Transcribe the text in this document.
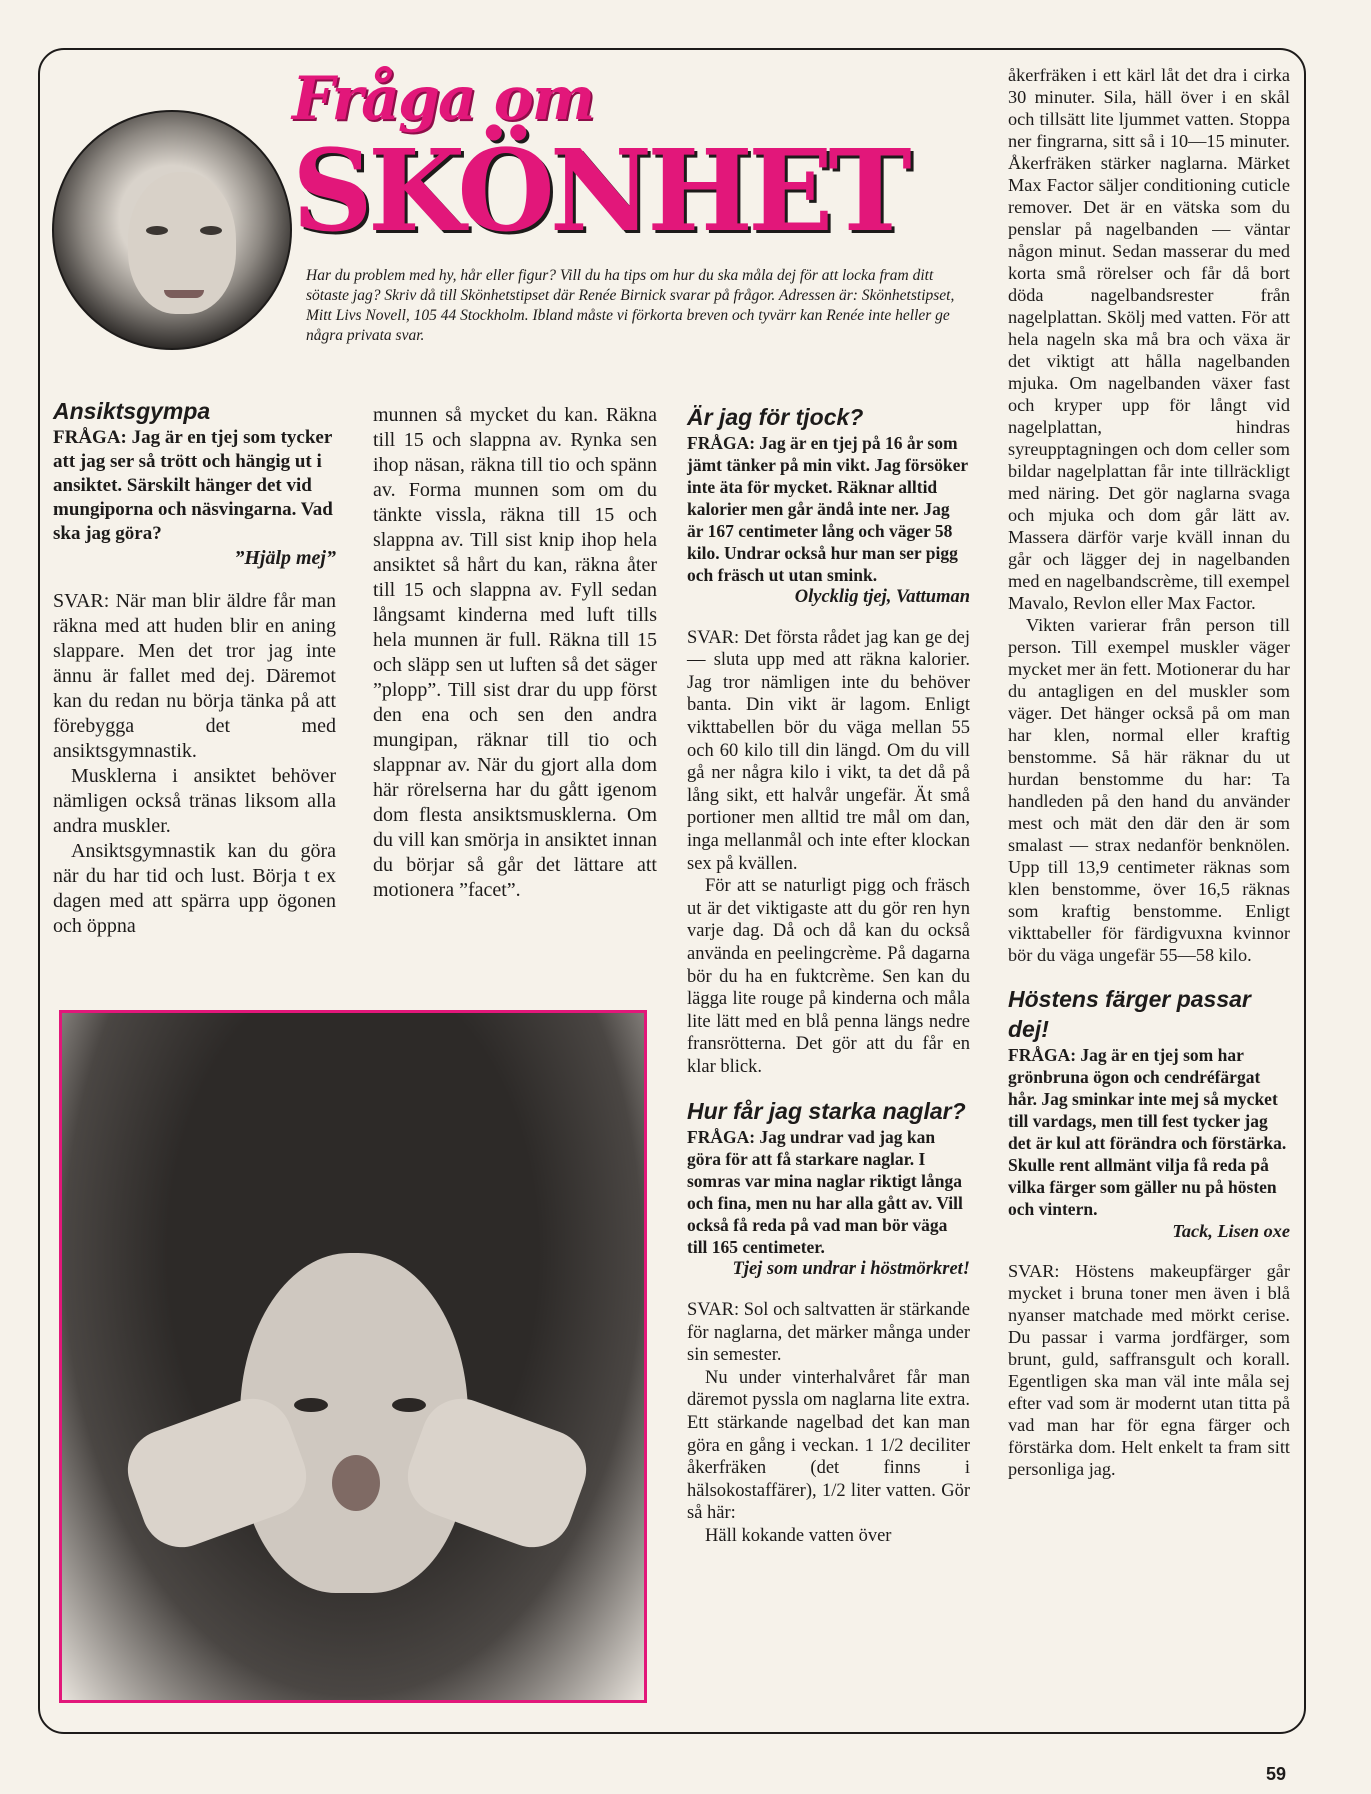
Fråga om
SKÖNHET
Har du problem med hy, hår eller figur? Vill du ha tips om hur du ska måla dej för att locka fram ditt sötaste jag? Skriv då till Skönhetstipset där Renée Birnick svarar på frågor. Adressen är: Skönhetstipset, Mitt Livs Novell, 105 44 Stockholm. Ibland måste vi förkorta breven och tyvärr kan Renée inte heller ge några privata svar.
Ansiktsgympa

FRÅGA: Jag är en tjej som tycker att jag ser så trött och hängig ut i ansiktet. Särskilt hänger det vid mungiporna och näsvingarna. Vad ska jag göra?

”Hjälp mej”

SVAR: När man blir äldre får man räkna med att huden blir en aning slappare. Men det tror jag inte ännu är fallet med dej. Däremot kan du redan nu börja tänka på att förebygga det med ansiktsgymnastik.

Musklerna i ansiktet behöver nämligen också tränas liksom alla andra muskler.

Ansiktsgymnastik kan du göra när du har tid och lust. Börja t ex dagen med att spärra upp ögonen och öppna

munnen så mycket du kan. Räkna till 15 och slappna av. Rynka sen ihop näsan, räkna till tio och spänn av. Forma munnen som om du tänkte vissla, räkna till 15 och slappna av. Till sist knip ihop hela ansiktet så hårt du kan, räkna åter till 15 och slappna av. Fyll sedan långsamt kinderna med luft tills hela munnen är full. Räkna till 15 och släpp sen ut luften så det säger ”plopp”. Till sist drar du upp först den ena och sen den andra mungipan, räknar till tio och slappnar av. När du gjort alla dom här rörelserna har du gått igenom dom flesta ansiktsmusklerna. Om du vill kan smörja in ansiktet innan du börjar så går det lättare att motionera ”facet”.

Är jag för tjock?

FRÅGA: Jag är en tjej på 16 år som jämt tänker på min vikt. Jag försöker inte äta för mycket. Räknar alltid kalorier men går ändå inte ner. Jag är 167 centimeter lång och väger 58 kilo. Undrar också hur man ser pigg och fräsch ut utan smink.

Olycklig tjej, Vattuman

SVAR: Det första rådet jag kan ge dej — sluta upp med att räkna kalorier. Jag tror nämligen inte du behöver banta. Din vikt är lagom. Enligt vikttabellen bör du väga mellan 55 och 60 kilo till din längd. Om du vill gå ner några kilo i vikt, ta det då på lång sikt, ett halvår ungefär. Ät små portioner men alltid tre mål om dan, inga mellanmål och inte efter klockan sex på kvällen.

För att se naturligt pigg och fräsch ut är det viktigaste att du gör ren hyn varje dag. Då och då kan du också använda en peelingcrème. På dagarna bör du ha en fuktcrème. Sen kan du lägga lite rouge på kinderna och måla lite lätt med en blå penna längs nedre fransrötterna. Det gör att du får en klar blick.

Hur får jag starka naglar?

FRÅGA: Jag undrar vad jag kan göra för att få starkare naglar. I somras var mina naglar riktigt långa och fina, men nu har alla gått av. Vill också få reda på vad man bör väga till 165 centimeter.

Tjej som undrar i höstmörkret!

SVAR: Sol och saltvatten är stärkande för naglarna, det märker många under sin semester.

Nu under vinterhalvåret får man däremot pyssla om naglarna lite extra. Ett stärkande nagelbad det kan man göra en gång i veckan. 1 1/2 deciliter åkerfräken (det finns i hälsokostaffärer), 1/2 liter vatten. Gör så här:

Häll kokande vatten över

åkerfräken i ett kärl låt det dra i cirka 30 minuter. Sila, häll över i en skål och tillsätt lite ljummet vatten. Stoppa ner fingrarna, sitt så i 10—15 minuter. Åkerfräken stärker naglarna. Märket Max Factor säljer conditioning cuticle remover. Det är en vätska som du penslar på nagelbanden — väntar någon minut. Sedan masserar du med korta små rörelser och får då bort döda nagelbandsrester från nagelplattan. Skölj med vatten. För att hela nageln ska må bra och växa är det viktigt att hålla nagelbanden mjuka. Om nagelbanden växer fast och kryper upp för långt vid nagelplattan, hindras syreupptagningen och dom celler som bildar nagelplattan får inte tillräckligt med näring. Det gör naglarna svaga och mjuka och dom går lätt av. Massera därför varje kväll innan du går och lägger dej in nagelbanden med en nagelbandscrème, till exempel Mavalo, Revlon eller Max Factor.

Vikten varierar från person till person. Till exempel muskler väger mycket mer än fett. Motionerar du har du antagligen en del muskler som väger. Det hänger också på om man har klen, normal eller kraftig benstomme. Så här räknar du ut hurdan benstomme du har: Ta handleden på den hand du använder mest och mät den där den är som smalast — strax nedanför benknölen. Upp till 13,9 centimeter räknas som klen benstomme, över 16,5 räknas som kraftig benstomme. Enligt vikttabeller för färdigvuxna kvinnor bör du väga ungefär 55—58 kilo.

Höstens färger passar dej!

FRÅGA: Jag är en tjej som har grönbruna ögon och cendréfärgat hår. Jag sminkar inte mej så mycket till vardags, men till fest tycker jag det är kul att förändra och förstärka. Skulle rent allmänt vilja få reda på vilka färger som gäller nu på hösten och vintern.

Tack, Lisen oxe

SVAR: Höstens makeupfärger går mycket i bruna toner men även i blå nyanser matchade med mörkt cerise. Du passar i varma jordfärger, som brunt, guld, saffransgult och korall. Egentligen ska man väl inte måla sej efter vad som är modernt utan titta på vad man har för egna färger och förstärka dom. Helt enkelt ta fram sitt personliga jag.

59
